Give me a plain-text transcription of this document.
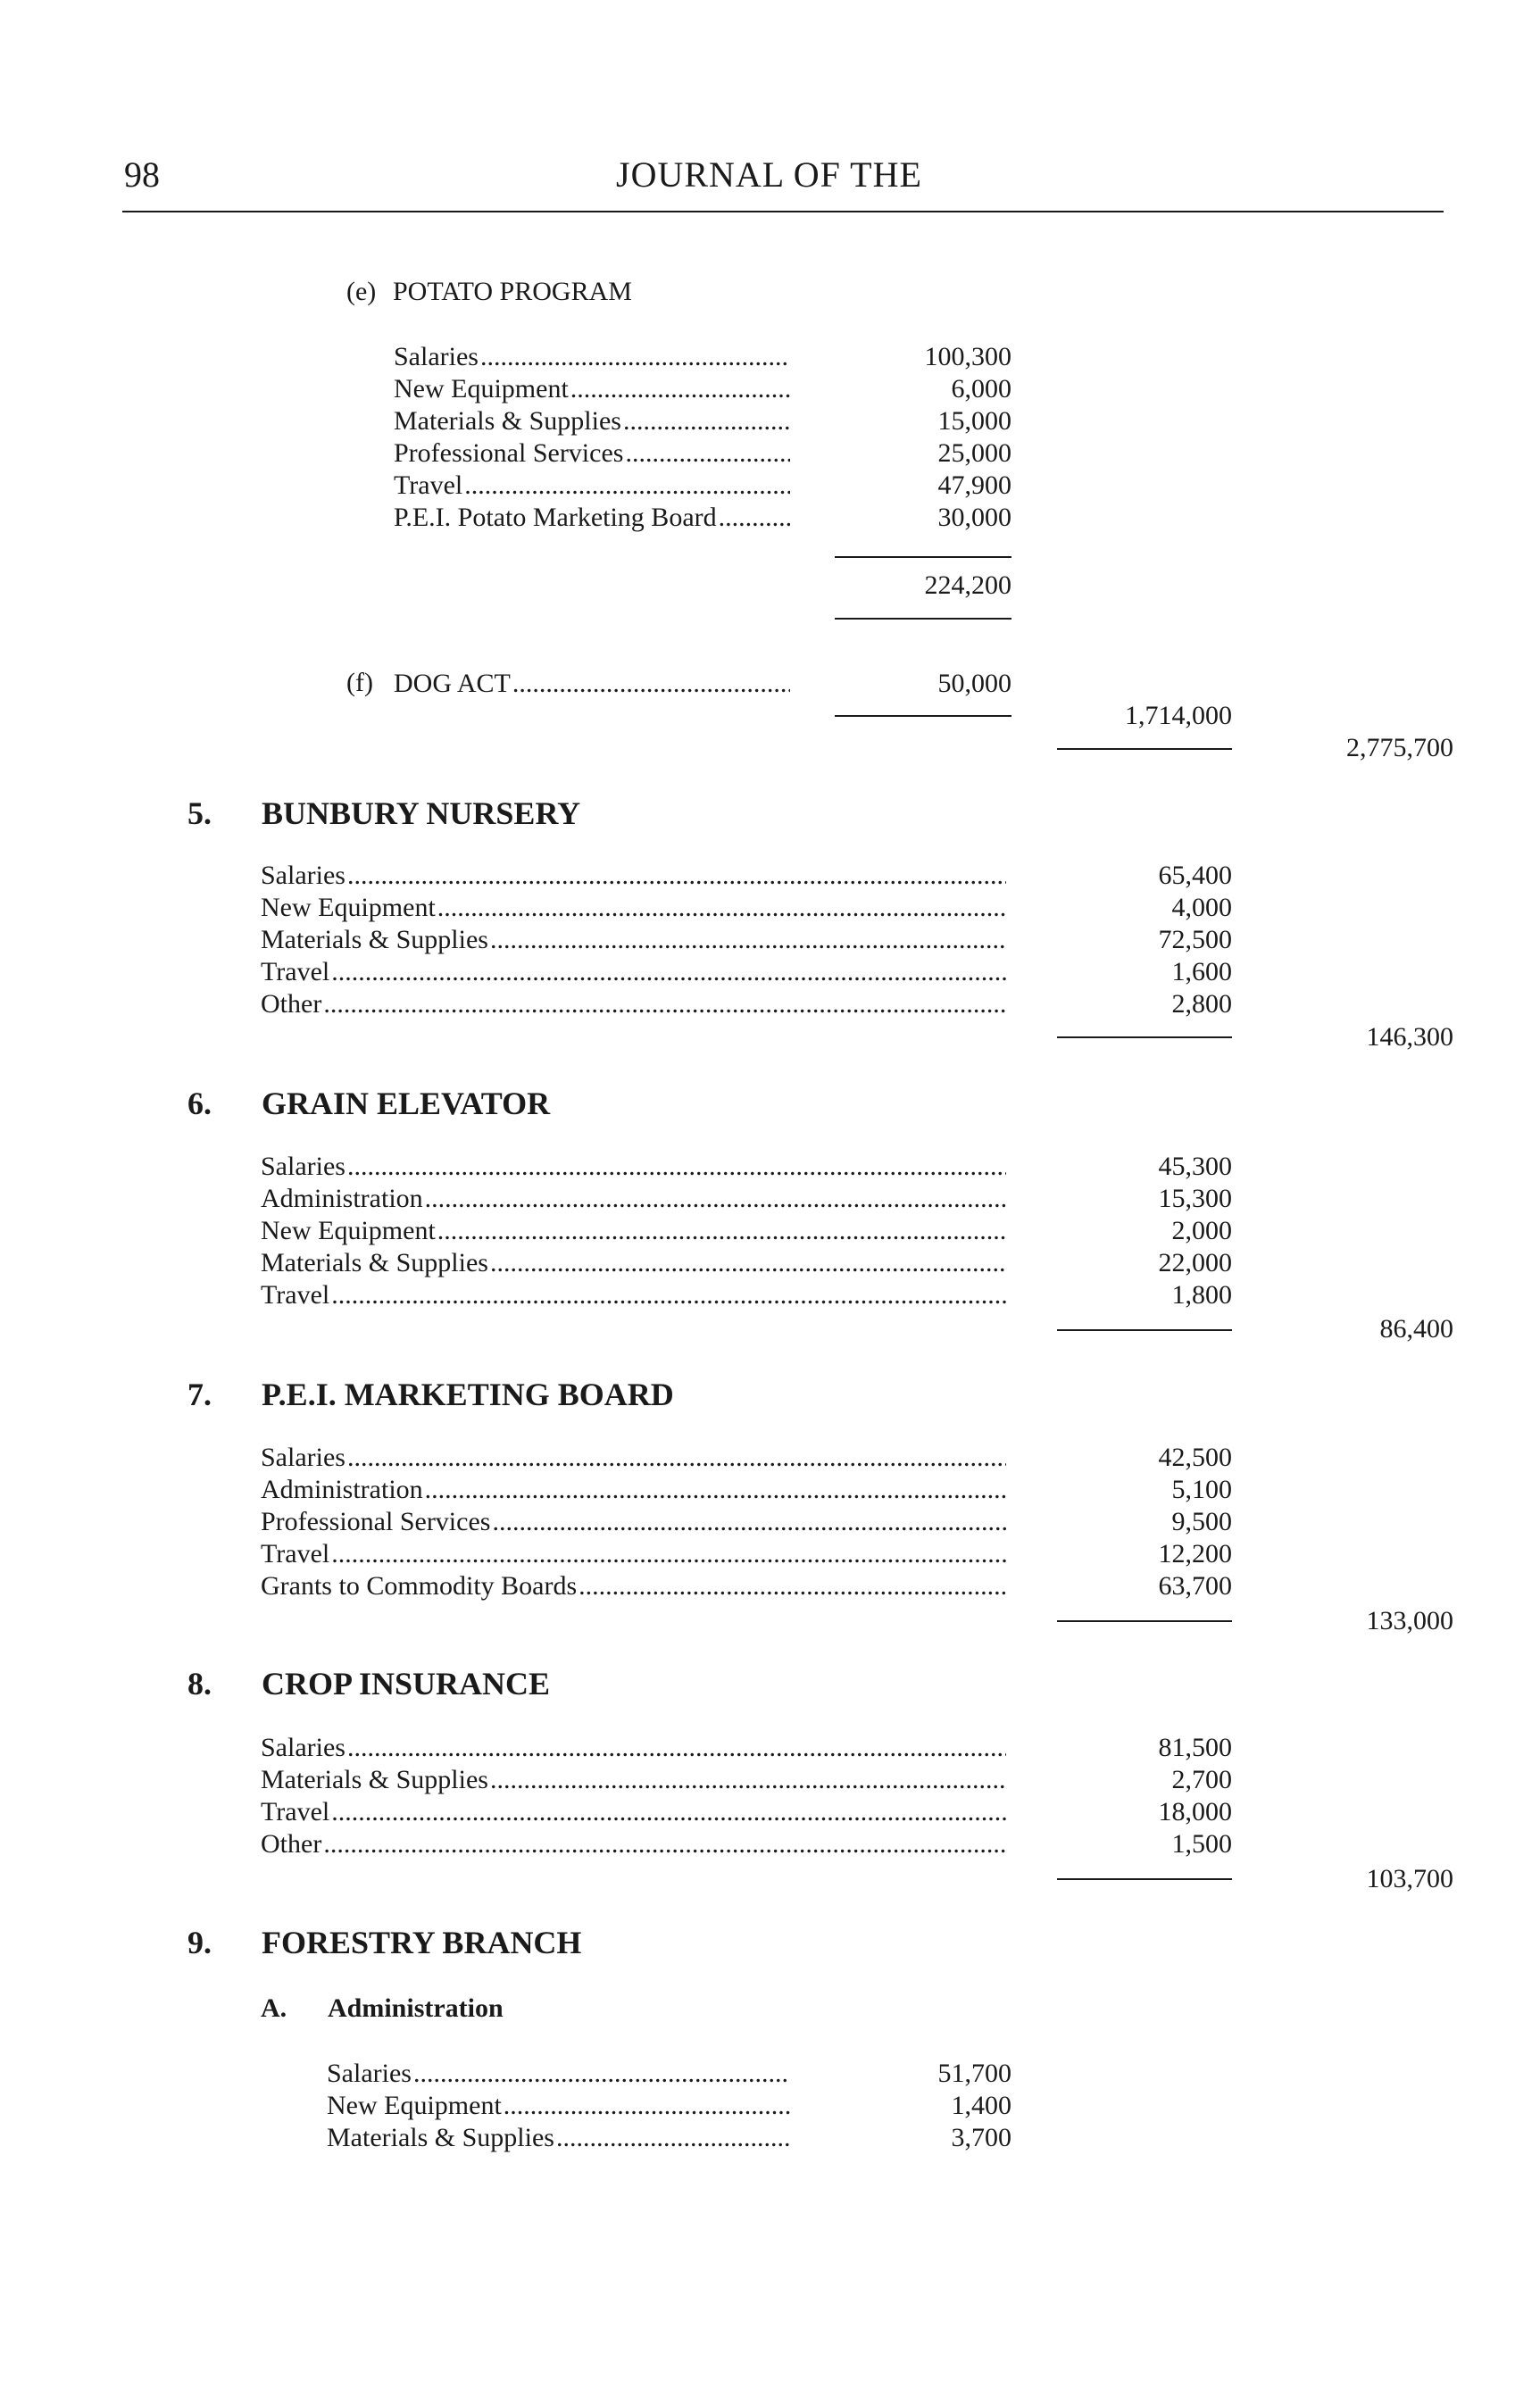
98	JOURNAL OF THE
(e) POTATO PROGRAM
Salaries .....	100,300
New Equipment .....	6,000
Materials & Supplies .....	15,000
Professional Services .....	25,000
Travel .....	47,900
P.E.I. Potato Marketing Board .....	30,000
224,200
(f) DOG ACT .....	50,000
1,714,000
2,775,700
5. BUNBURY NURSERY
Salaries .....	65,400
New Equipment .....	4,000
Materials & Supplies .....	72,500
Travel .....	1,600
Other .....	2,800
146,300
6. GRAIN ELEVATOR
Salaries .....	45,300
Administration .....	15,300
New Equipment .....	2,000
Materials & Supplies .....	22,000
Travel .....	1,800
86,400
7. P.E.I. MARKETING BOARD
Salaries .....	42,500
Administration .....	5,100
Professional Services .....	9,500
Travel .....	12,200
Grants to Commodity Boards .....	63,700
133,000
8. CROP INSURANCE
Salaries .....	81,500
Materials & Supplies .....	2,700
Travel .....	18,000
Other .....	1,500
103,700
9. FORESTRY BRANCH
A. Administration
Salaries .....	51,700
New Equipment .....	1,400
Materials & Supplies .....	3,700
